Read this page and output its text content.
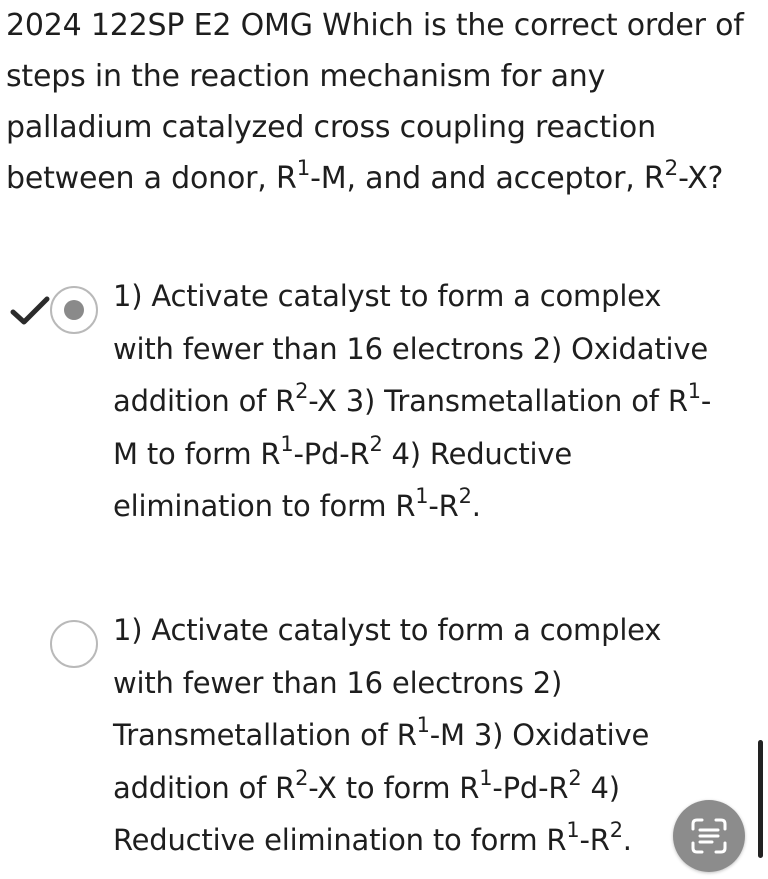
2024 122SP E2 OMG Which is the correct order of steps in the reaction mechanism for any palladium catalyzed cross coupling reaction between a donor, $R^1-M$, and and acceptor, $R^2-X$?
1) Activate catalyst to form a complex with fewer than 16 electrons 2) Oxidative addition of $R^2-X$ 3) Transmetallation of $R^1-M$ to form $R^1-Pd-R^2$ 4) Reductive elimination to form $R^1-R^2$.
1) Activate catalyst to form a complex with fewer than 16 electrons 2) Transmetallation of $R^1-M$ 3) Oxidative addition of $R^2-X$ to form $R^1-Pd-R^2$ 4) Reductive elimination to form $R^1-R^2$.
